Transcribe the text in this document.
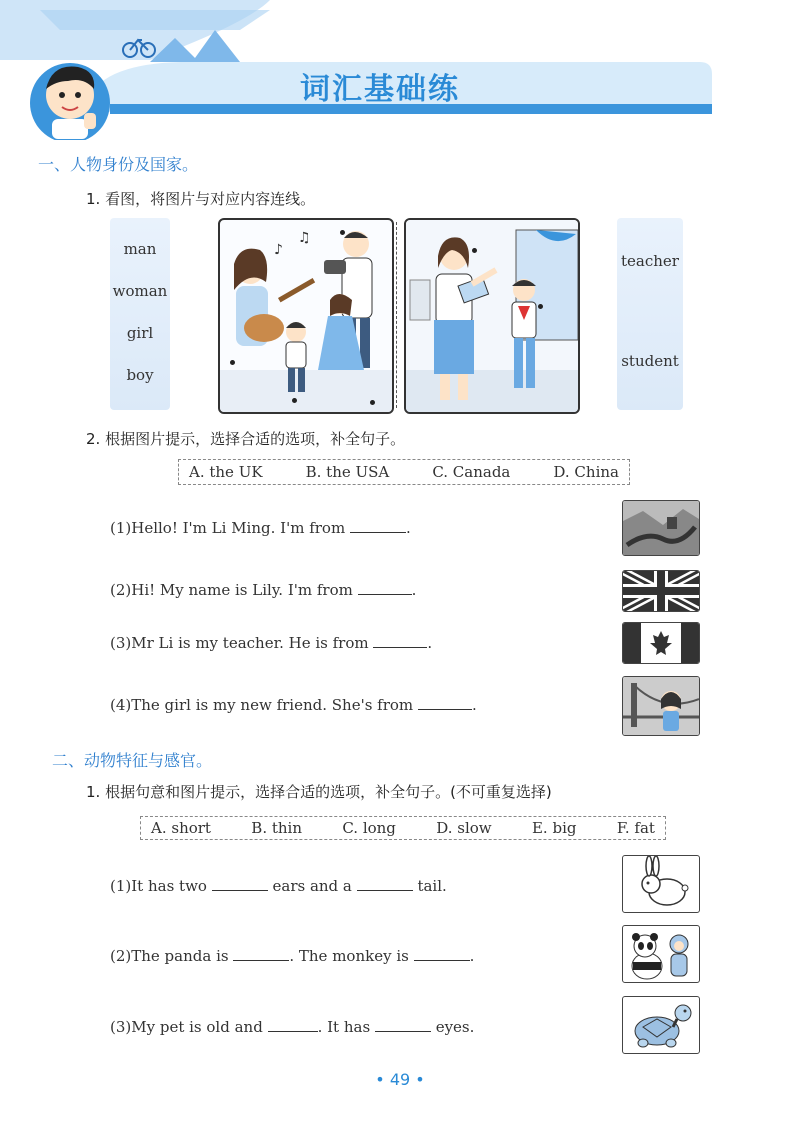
词汇基础练
一、人物身份及国家。
1. 看图，将图片与对应内容连线。
man
woman
girl
boy
♪
♫
teacher
student
2. 根据图片提示，选择合适的选项，补全句子。
A. the UK	B. the USA	C. Canada	D. China
(1)Hello! I'm Li Ming. I'm from	.
(2)Hi! My name is Lily. I'm from	.
(3)Mr Li is my teacher. He is from	.
(4)The girl is my new friend. She's from	.
二、动物特征与感官。
1. 根据句意和图片提示，选择合适的选项，补全句子。(不可重复选择)
A. short	B. thin	C. long	D. slow	E. big	F. fat
(1)It has two	ears and a	tail.
(2)The panda is	. The monkey is	.
(3)My pet is old and	. It has	eyes.
• 49 •
